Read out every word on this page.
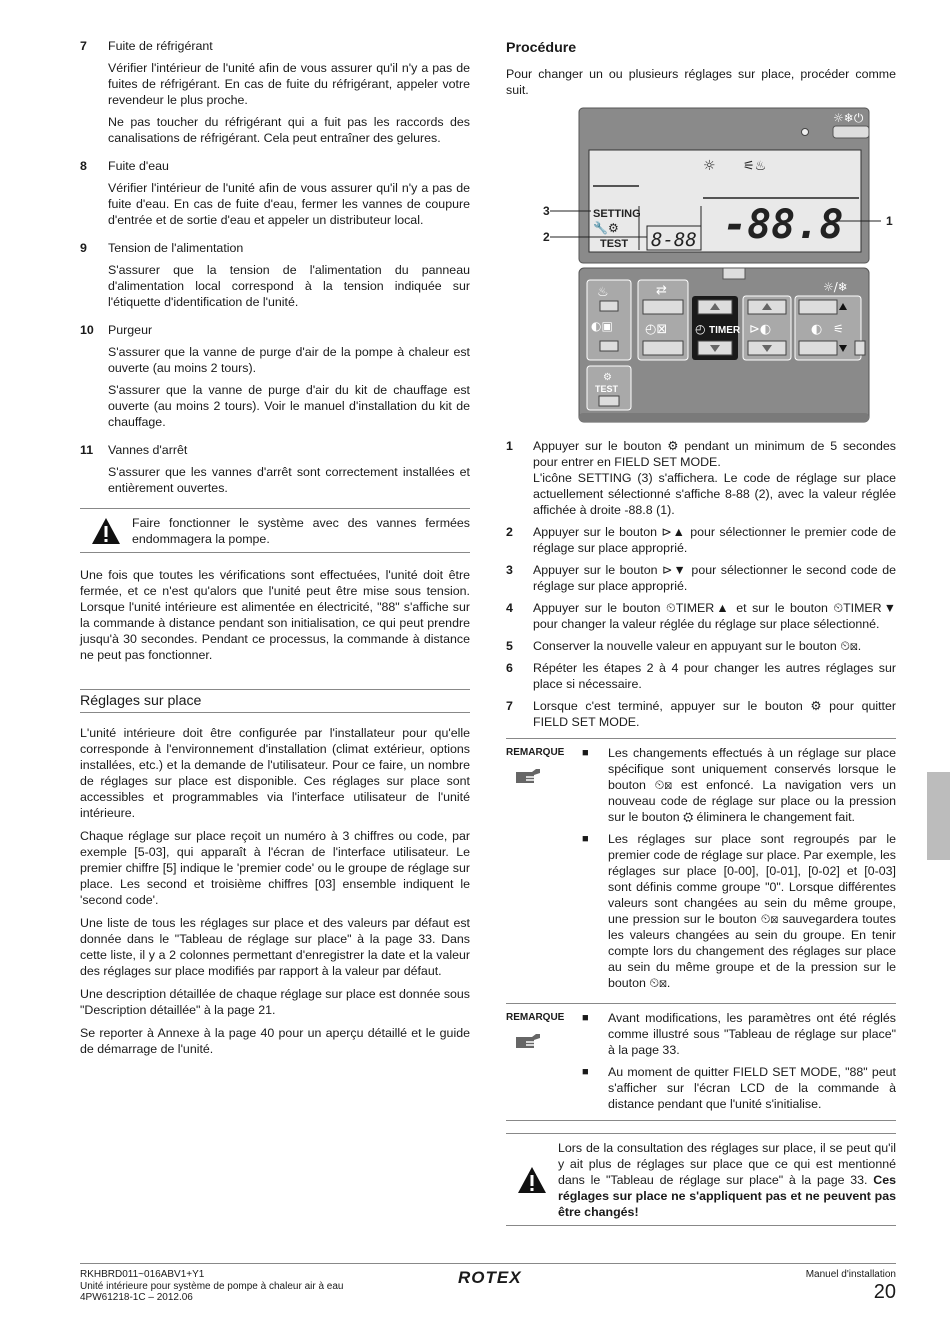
7	Fuite de réfrigérant
Vérifier l'intérieur de l'unité afin de vous assurer qu'il n'y a pas de fuites de réfrigérant. En cas de fuite du réfrigérant, appeler votre revendeur le plus proche.
Ne pas toucher du réfrigérant qui a fuit pas les raccords des canalisations de réfrigérant. Cela peut entraîner des gelures.
8	Fuite d'eau
Vérifier l'intérieur de l'unité afin de vous assurer qu'il n'y a pas de fuite d'eau. En cas de fuite d'eau, fermer les vannes de coupure d'entrée et de sortie d'eau et appeler un distributeur local.
9	Tension de l'alimentation
S'assurer que la tension de l'alimentation du panneau d'alimentation local correspond à la tension indiquée sur l'étiquette d'identification de l'unité.
10	Purgeur
S'assurer que la vanne de purge d'air de la pompe à chaleur est ouverte (au moins 2 tours).
S'assurer que la vanne de purge d'air du kit de chauffage est ouverte (au moins 2 tours). Voir le manuel d'installation du kit de chauffage.
11	Vannes d'arrêt
S'assurer que les vannes d'arrêt sont correctement installées et entièrement ouvertes.
Faire fonctionner le système avec des vannes fermées endommagera la pompe.

Une fois que toutes les vérifications sont effectuées, l'unité doit être fermée, et ce n'est qu'alors que l'unité peut être mise sous tension. Lorsque l'unité intérieure est alimentée en électricité, "88" s'affiche sur la commande à distance pendant son initialisation, ce qui peut prendre jusqu'à 30 secondes. Pendant ce processus, la commande à distance ne peut pas fonctionner.

Réglages sur place

L'unité intérieure doit être configurée par l'installateur pour qu'elle corresponde à l'environnement d'installation (climat extérieur, options installées, etc.) et la demande de l'utilisateur. Pour ce faire, un nombre de réglages sur place est disponible. Ces réglages sur place sont accessibles et programmables via l'interface utilisateur de l'unité intérieure.

Chaque réglage sur place reçoit un numéro à 3 chiffres ou code, par exemple [5-03], qui apparaît à l'écran de l'interface utilisateur. Le premier chiffre [5] indique le 'premier code' ou le groupe de réglage sur place. Les second et troisième chiffres [03] ensemble indiquent le 'second code'.

Une liste de tous les réglages sur place et des valeurs par défaut est donnée dans le "Tableau de réglage sur place" à la page 33. Dans cette liste, il y a 2 colonnes permettant d'enregistrer la date et la valeur des réglages sur place modifiés par rapport à la valeur par défaut.

Une description détaillée de chaque réglage sur place est donnée sous "Description détaillée" à la page 21.

Se reporter à Annexe à la page 40 pour un aperçu détaillé et le guide de démarrage de l'unité.

Procédure

Pour changer un ou plusieurs réglages sur place, procéder comme suit.

☼❄⏻
☼ ⚟♨
SETTING
🔧⚙
TEST 8-88 -88.8
3
2
1
♨
◐▣
⚙
TEST
⇄
◴⊠ ◴ TIMER ⊳◐
☼/❄
◐ ⚟
1	Appuyer sur le bouton ⚙ pendant un minimum de 5 secondes pour entrer en FIELD SET MODE.
L'icône SETTING (3) s'affichera. Le code de réglage sur place actuellement sélectionné s'affiche 8-88 (2), avec la valeur réglée affichée à droite -88.8 (1).
2	Appuyer sur le bouton ⊳▲ pour sélectionner le premier code de réglage sur place approprié.
3	Appuyer sur le bouton ⊳▼ pour sélectionner le second code de réglage sur place approprié.
4	Appuyer sur le bouton ⏲TIMER▲ et sur le bouton ⏲TIMER▼ pour changer la valeur réglée du réglage sur place sélectionné.
5	Conserver la nouvelle valeur en appuyant sur le bouton ⏲⊠.
6	Répéter les étapes 2 à 4 pour changer les autres réglages sur place si nécessaire.
7	Lorsque c'est terminé, appuyer sur le bouton ⚙ pour quitter FIELD SET MODE.
REMARQUE	■	Les changements effectués à un réglage sur place spécifique sont uniquement conservés lorsque le bouton ⏲⊠ est enfoncé. La navigation vers un nouveau code de réglage sur place ou la pression sur le bouton ⚙ éliminera le changement fait.
■	Les réglages sur place sont regroupés par le premier code de réglage sur place. Par exemple, les réglages sur place [0-00], [0-01], [0-02] et [0-03] sont définis comme groupe "0". Lorsque différentes valeurs sont changées au sein du même groupe, une pression sur le bouton ⏲⊠ sauvegardera toutes les valeurs changées au sein du groupe. En tenir compte lors du changement des réglages sur place au sein du même groupe et de la pression sur le bouton ⏲⊠.
REMARQUE	■	Avant modifications, les paramètres ont été réglés comme illustré sous "Tableau de réglage sur place" à la page 33.
■	Au moment de quitter FIELD SET MODE, "88" peut s'afficher sur l'écran LCD de la commande à distance pendant que l'unité s'initialise.
Lors de la consultation des réglages sur place, il se peut qu'il y ait plus de réglages sur place que ce qui est mentionné dans le "Tableau de réglage sur place" à la page 33. Ces réglages sur place ne s'appliquent pas et ne peuvent pas être changés!
RKHBRD011~016ABV1+Y1
Unité intérieure pour système de pompe à chaleur air à eau
4PW61218-1C – 2012.06
ROTEX	Manuel d'installation
20
